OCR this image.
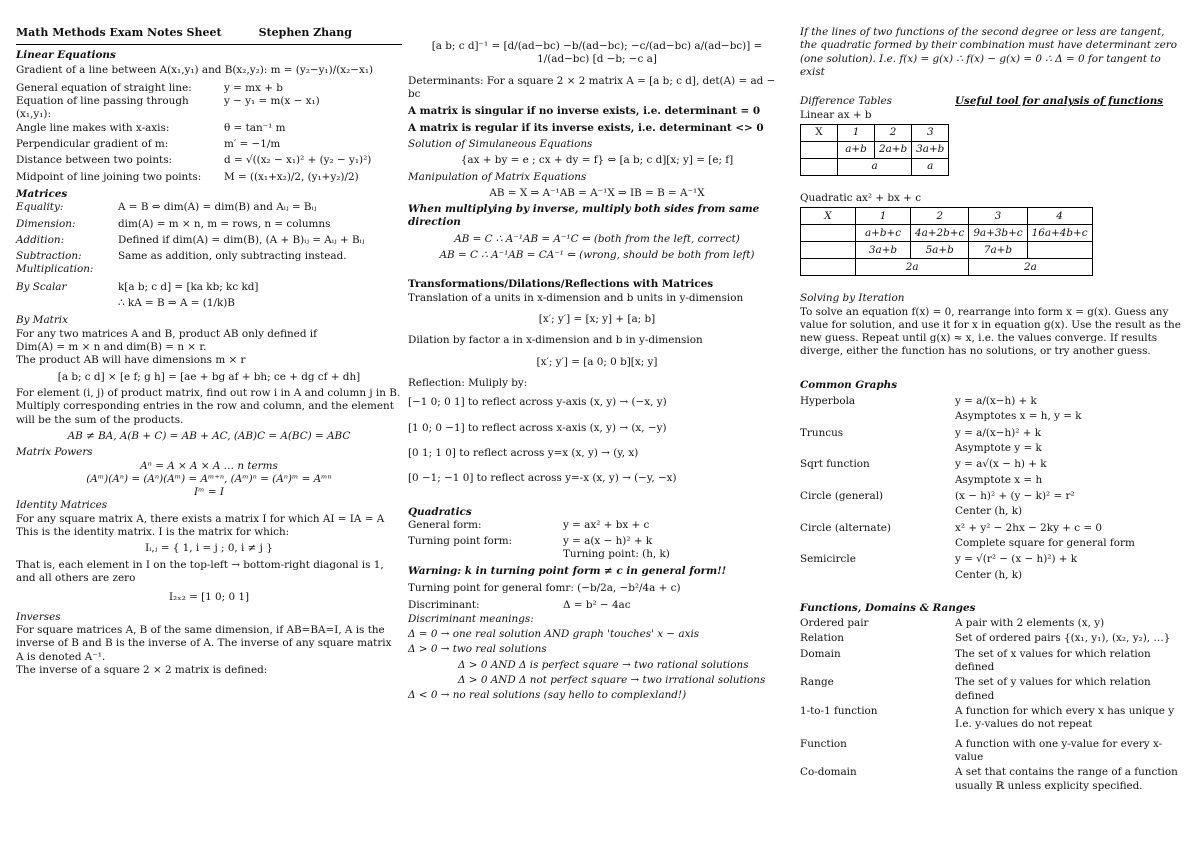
Math Methods Exam Notes Sheet	Stephen Zhang
Linear Equations
Gradient of a line between A(x₁,y₁) and B(x₂,y₂): m = (y₂−y₁)/(x₂−x₁)
General equation of straight line:	y = mx + b
Equation of line passing through (x₁,y₁):
y − y₁ = m(x − x₁)
Angle line makes with x-axis:	θ = tan⁻¹ m
Perpendicular gradient of m:	m′ = −1/m
Distance between two points:	d = √((x₂ − x₁)² + (y₂ − y₁)²)
Midpoint of line joining two points:	M = ((x₁+x₂)/2, (y₁+y₂)/2)
Matrices
Equality:	A = B ⇔ dim(A) = dim(B) and Aᵢⱼ = Bᵢⱼ
Dimension:	dim(A) = m × n, m = rows, n = columns
Addition:	Defined if dim(A) = dim(B), (A + B)ᵢⱼ = Aᵢⱼ + Bᵢⱼ
Subtraction:	Same as addition, only subtracting instead.
Multiplication:
By Scalar	k[a b; c d] = [ka kb; kc kd]
∴ kA = B ⇒ A = (1/k)B
By Matrix
For any two matrices A and B, product AB only defined if
Dim(A) = m × n and dim(B) = n × r.
The product AB will have dimensions m × r
[a b; c d] × [e f; g h] = [ae + bg af + bh; ce + dg cf + dh]
For element (i, j) of product matrix, find out row i in A and column j in B. Multiply corresponding entries in the row and column, and the element will be the sum of the products.
AB ≠ BA, A(B + C) = AB + AC, (AB)C = A(BC) = ABC
Matrix Powers
Aⁿ = A × A × A … n terms
(Aᵐ)(Aⁿ) = (Aⁿ)(Aᵐ) = Aᵐ⁺ⁿ, (Aᵐ)ⁿ = (Aⁿ)ᵐ = Aᵐⁿ
Iᵐ = I
Identity Matrices
For any square matrix A, there exists a matrix I for which AI = IA = A
This is the identity matrix. I is the matrix for which:
Iᵢ,ⱼ = { 1, i = j ; 0, i ≠ j }
That is, each element in I on the top-left → bottom-right diagonal is 1, and all others are zero
I₂ₓ₂ = [1 0; 0 1]
Inverses
For square matrices A, B of the same dimension, if AB=BA=I, A is the inverse of B and B is the inverse of A. The inverse of any square matrix A is denoted A⁻¹.
The inverse of a square 2 × 2 matrix is defined:
[a b; c d]⁻¹ = [d/(ad−bc) −b/(ad−bc); −c/(ad−bc) a/(ad−bc)] = 1/(ad−bc) [d −b; −c a]
Determinants: For a square 2 × 2 matrix A = [a b; c d], det(A) = ad − bc
A matrix is singular if no inverse exists, i.e. determinant = 0
A matrix is regular if its inverse exists, i.e. determinant <> 0
Solution of Simulaneous Equations
{ax + by = e ; cx + dy = f} ⇔ [a b; c d][x; y] = [e; f]
Manipulation of Matrix Equations
AB = X ⇒ A⁻¹AB = A⁻¹X ⇒ IB = B = A⁻¹X
When multiplying by inverse, multiply both sides from same direction
AB = C ∴ A⁻¹AB = A⁻¹C ⇐ (both from the left, correct)
AB = C ∴ A⁻¹AB = CA⁻¹ ⇐ (wrong, should be both from left)
Transformations/Dilations/Reflections with Matrices
Translation of a units in x-dimension and b units in y-dimension
[x′; y′] = [x; y] + [a; b]
Dilation by factor a in x-dimension and b in y-dimension
[x′; y′] = [a 0; 0 b][x; y]
Reflection: Muliply by:
[−1 0; 0 1] to reflect across y-axis (x, y) → (−x, y)
[1 0; 0 −1] to reflect across x-axis (x, y) → (x, −y)
[0 1; 1 0] to reflect across y=x (x, y) → (y, x)
[0 −1; −1 0] to reflect across y=-x (x, y) → (−y, −x)
Quadratics
General form:	y = ax² + bx + c
Turning point form:	y = a(x − h)² + k
Turning point: (h, k)
Warning: k in turning point form ≠ c in general form!!
Turning point for general fomr: (−b/2a, −b²/4a + c)
Discriminant:	Δ = b² − 4ac
Discriminant meanings:
Δ = 0 → one real solution AND graph 'touches' x − axis
Δ > 0 → two real solutions
Δ > 0 AND Δ is perfect square → two rational solutions
Δ > 0 AND Δ not perfect square → two irrational solutions
Δ < 0 → no real solutions (say hello to complexland!)
If the lines of two functions of the second degree or less are tangent, the quadratic formed by their combination must have determinant zero (one solution). I.e. f(x) = g(x) ∴ f(x) − g(x) = 0 ∴ Δ = 0 for tangent to exist
Difference Tables	Useful tool for analysis of functions
Linear ax + b
X	1	2	3
	a+b	2a+b	3a+b
	a		a
Quadratic ax² + bx + c
X	1	2	3	4
	a+b+c	4a+2b+c	9a+3b+c	16a+4b+c
	3a+b	5a+b	7a+b	
	2a		2a	
Solving by Iteration
To solve an equation f(x) = 0, rearrange into form x = g(x). Guess any value for solution, and use it for x in equation g(x). Use the result as the new guess. Repeat until g(x) ≈ x, i.e. the values converge. If results diverge, either the function has no solutions, or try another guess.
Common Graphs
Hyperbola	y = a/(x−h) + k
Asymptotes x = h, y = k
Truncus	y = a/(x−h)² + k
Asymptote y = k
Sqrt function	y = a√(x − h) + k
Asymptote x = h
Circle (general)	(x − h)² + (y − k)² = r²
Center (h, k)
Circle (alternate)	x² + y² − 2hx − 2ky + c = 0
Complete square for general form
Semicircle	y = √(r² − (x − h)²) + k
Center (h, k)
Functions, Domains & Ranges
Ordered pair	A pair with 2 elements (x, y)
Relation	Set of ordered pairs {(x₁, y₁), (x₂, y₂), …}
Domain	The set of x values for which relation defined
Range	The set of y values for which relation defined
1-to-1 function	A function for which every x has unique y
I.e. y-values do not repeat
Function	A function with one y-value for every x-value
Co-domain	A set that contains the range of a function
usually ℝ unless explicity specified.
